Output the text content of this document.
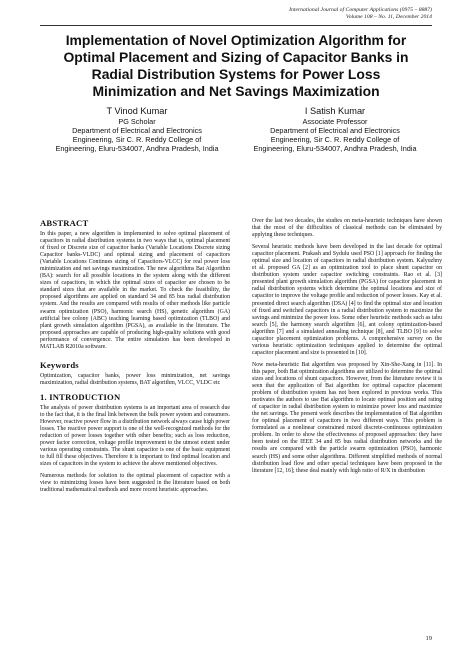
International Journal of Computer Applications (0975 – 8887)
Volume 108 – No. 11, December 2014
Implementation of Novel Optimization Algorithm for
Optimal Placement and Sizing of Capacitor Banks in
Radial Distribution Systems for Power Loss
Minimization and Net Savings Maximization
T Vinod Kumar
PG Scholar
Department of Electrical and Electronics
Engineering, Sir C. R. Reddy College of
Engineering, Eluru-534007, Andhra Pradesh, India
I Satish Kumar
Associate Professor
Department of Electrical and Electronics
Engineering, Sir C. R. Reddy College of
Engineering, Eluru-534007, Andhra Pradesh, India
ABSTRACT

In this paper, a new algorithm is implemented to solve optimal placement of capacitors in radial distribution systems in two ways that is, optimal placement of fixed or Discrete size of capacitor banks (Variable Locations Discrete sizing Capacitor banks-VLDC) and optimal sizing and placement of capacitors (Variable Locations Continues sizing of Capacitors-VLCC) for real power loss minimization and net savings maximization. The new algorithms Bat Algorithm (BA): search for all possible locations in the system along with the different sizes of capacitors, in which the optimal sizes of capacitor are chosen to be standard sizes that are available in the market. To check the feasibility, the proposed algorithms are applied on standard 34 and 85 bus radial distribution system. And the results are compared with results of other methods like particle swarm optimization (PSO), harmonic search (HS), genetic algorithm (GA) artificial bee colony (ABC) teaching learning based optimization (TLBO) and plant growth simulation algorithm (PGSA), as available in the literature. The proposed approaches are capable of producing high-quality solutions with good performance of convergence. The entire simulation has been developed in MATLAB R2010a software.

Keywords

Optimization, capacitor banks, power loss minimization, net savings maximization, radial distribution systems, BAT algorithm, VLCC, VLDC etc

1. INTRODUCTION

The analysis of power distribution systems is an important area of research due to the fact that, it is the final link between the bulk power system and consumers. However, reactive power flow in a distribution network always cause high power losses. The reactive power support is one of the well-recognized methods for the reduction of power losses together with other benefits; such as loss reduction, power factor correction, voltage profile improvement to the utmost extent under various operating constraints. The shunt capacitor is one of the basic equipment to full fill these objectives. Therefore it is important to find optimal location and sizes of capacitors in the system to achieve the above mentioned objectives.

Numerous methods for solution to the optimal placement of capacitor with a view to minimizing losses have been suggested in the literature based on both traditional mathematical methods and more recent heuristic approaches.

Over the last two decades, the studies on meta-heuristic techniques have shown that the most of the difficulties of classical methods can be eliminated by applying these techniques.

Several heuristic methods have been developed in the last decade for optimal capacitor placement. Prakash and Sydulu used PSO [1] approach for finding the optimal size and location of capacitors in radial distribution system. Kalyuzhny et al. proposed GA [2] as an optimization tool to place shunt capacitor on distribution system under capacitor switching constraints. Rao et al. [3] presented plant growth simulation algorithm (PGSA) for capacitor placement in radial distribution systems which determine the optimal locations and size of capacitor to improve the voltage profile and reduction of power losses. Kay et al. presented direct search algorithm (DSA) [4] to find the optimal size and location of fixed and switched capacitors in a radial distribution system to maximize the savings and minimize the power loss. Some other heuristic methods such as tabu search [5], the harmony search algorithm [6], ant colony optimization-based algorithm [7] and a simulated annealing technique [8], and TLBO [9] to solve capacitor placement optimization problems. A comprehensive survey on the various heuristic optimization techniques applied to determine the optimal capacitor placement and size is presented in [10].

Now meta-heuristic Bat algorithm was proposed by Xin-She-Xang in [11]. In this paper, both Bat optimization algorithms are utilized to determine the optimal sizes and locations of shunt capacitors. However, from the literature review it is seen that the application of Bat algorithm for optimal capacitor placement problem of distribution system has not been explored in previous works. This motivates the authors to use Bat algorithm to locate optimal position and rating of capacitor in radial distribution system to minimize power loss and maximize the net savings. The present work describes the implementation of Bat algorithm for optimal placement of capacitors in two different ways. This problem is formulated as a nonlinear constrained mixed discrete-continuous optimization problem. In order to show the effectiveness of proposed approaches: they have been tested on the IEEE 34 and 85 bus radial distribution networks and the results are compared with the particle swarm optimization (PSO), harmonic search (HS) and some other algorithms. Different simplified methods of normal distribution load flow and other special techniques have been proposed in the literature [12, 16]; these deal mainly with high ratio of R/X in distribution

19
